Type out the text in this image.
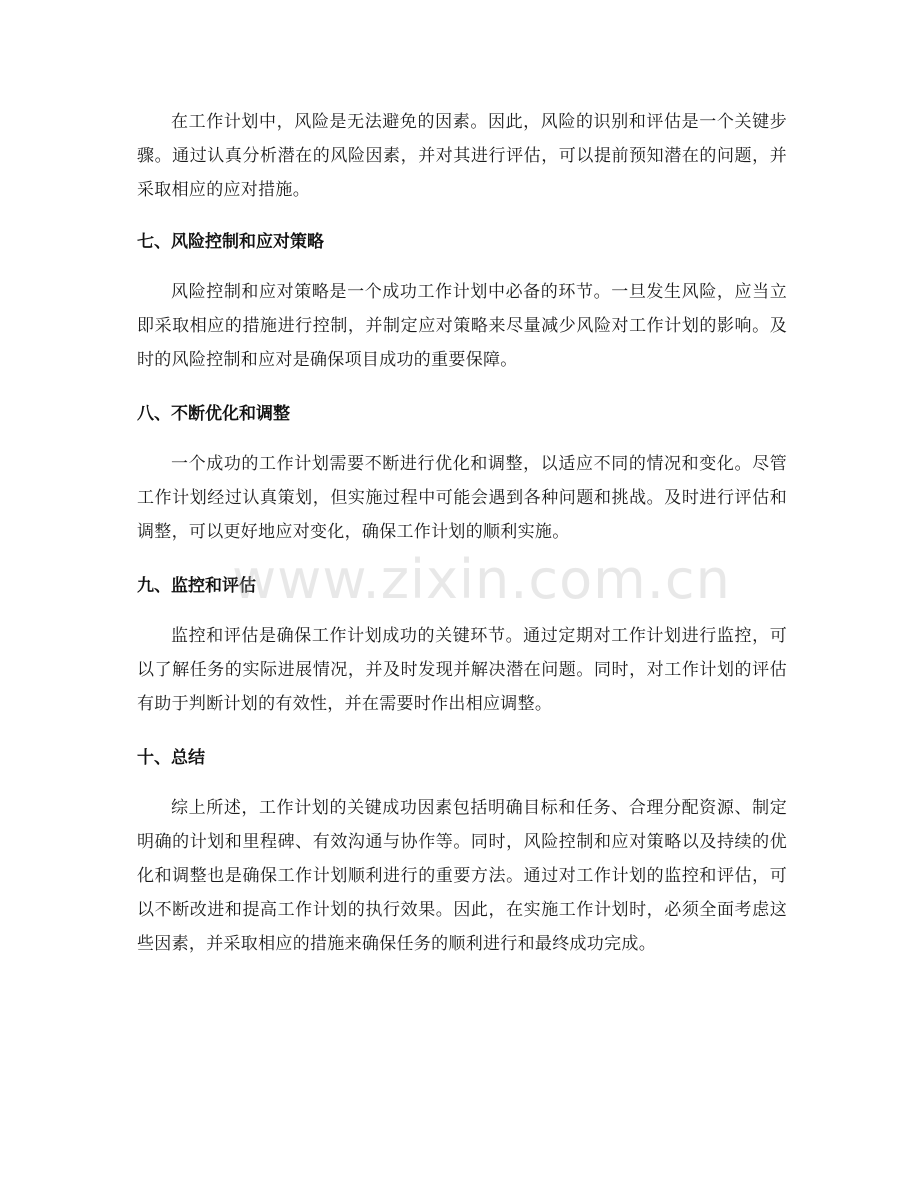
在工作计划中，风险是无法避免的因素。因此，风险的识别和评估是一个关键步骤。通过认真分析潜在的风险因素，并对其进行评估，可以提前预知潜在的问题，并采取相应的应对措施。

七、风险控制和应对策略

风险控制和应对策略是一个成功工作计划中必备的环节。一旦发生风险，应当立即采取相应的措施进行控制，并制定应对策略来尽量减少风险对工作计划的影响。及时的风险控制和应对是确保项目成功的重要保障。

八、不断优化和调整

一个成功的工作计划需要不断进行优化和调整，以适应不同的情况和变化。尽管工作计划经过认真策划，但实施过程中可能会遇到各种问题和挑战。及时进行评估和调整，可以更好地应对变化，确保工作计划的顺利实施。

九、监控和评估

监控和评估是确保工作计划成功的关键环节。通过定期对工作计划进行监控，可以了解任务的实际进展情况，并及时发现并解决潜在问题。同时，对工作计划的评估有助于判断计划的有效性，并在需要时作出相应调整。

十、总结

综上所述，工作计划的关键成功因素包括明确目标和任务、合理分配资源、制定明确的计划和里程碑、有效沟通与协作等。同时，风险控制和应对策略以及持续的优化和调整也是确保工作计划顺利进行的重要方法。通过对工作计划的监控和评估，可以不断改进和提高工作计划的执行效果。因此，在实施工作计划时，必须全面考虑这些因素，并采取相应的措施来确保任务的顺利进行和最终成功完成。

www.zixin.com.cn
